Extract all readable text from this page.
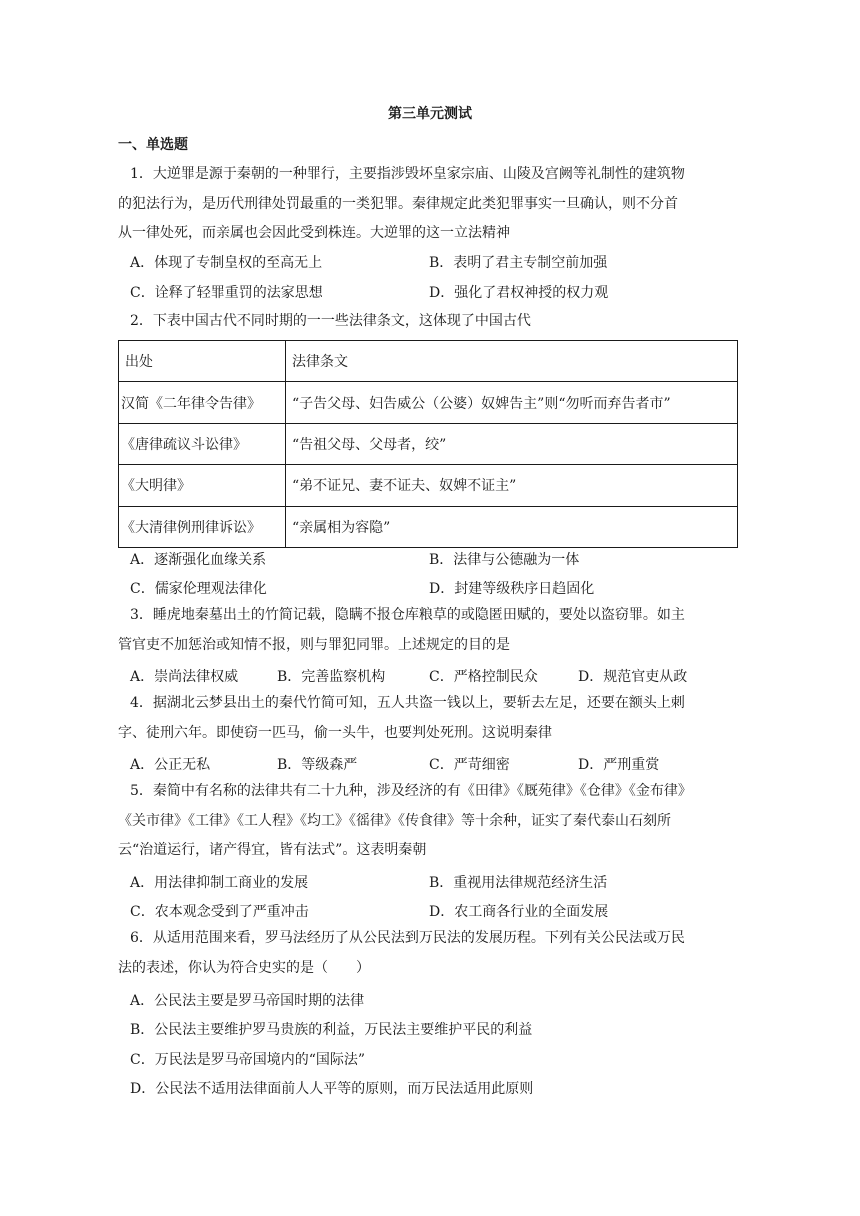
第三单元测试
一、单选题

1．大逆罪是源于秦朝的一种罪行，主要指涉毁坏皇家宗庙、山陵及宫阙等礼制性的建筑物

的犯法行为，是历代刑律处罚最重的一类犯罪。秦律规定此类犯罪事实一旦确认，则不分首

从一律处死，而亲属也会因此受到株连。大逆罪的这一立法精神

A．体现了专制皇权的至高无上	B．表明了君主专制空前加强
C．诠释了轻罪重罚的法家思想	D．强化了君权神授的权力观

2．下表中国古代不同时期的一一些法律条文，这体现了中国古代

出处	法律条文
汉简《二年律令告律》	“子告父母、妇告威公（公婆）奴婢告主”则“勿听而弃告者市”
《唐律疏议斗讼律》	“告祖父母、父母者，绞”
《大明律》	“弟不证兄、妻不证夫、奴婢不证主”
《大清律例刑律诉讼》	“亲属相为容隐”
A．逐渐强化血缘关系	B．法律与公德融为一体
C．儒家伦理观法律化	D．封建等级秩序日趋固化

3．睡虎地秦墓出土的竹简记载，隐瞒不报仓库粮草的或隐匿田赋的，要处以盗窃罪。如主

管官吏不加惩治或知情不报，则与罪犯同罪。上述规定的目的是

A．崇尚法律权威	B．完善监察机构	C．严格控制民众	D．规范官吏从政

4．据湖北云梦县出土的秦代竹简可知，五人共盗一钱以上，要斩去左足，还要在额头上刺

字、徒刑六年。即使窃一匹马，偷一头牛，也要判处死刑。这说明秦律

A．公正无私	B．等级森严	C．严苛细密	D．严刑重赏

5．秦简中有名称的法律共有二十九种，涉及经济的有《田律》《厩苑律》《仓律》《金布律》

《关市律》《工律》《工人程》《均工》《徭律》《传食律》等十余种，证实了秦代泰山石刻所

云“治道运行，诸产得宜，皆有法式”。这表明秦朝

A．用法律抑制工商业的发展	B．重视用法律规范经济生活
C．农本观念受到了严重冲击	D．农工商各行业的全面发展

6．从适用范围来看，罗马法经历了从公民法到万民法的发展历程。下列有关公民法或万民

法的表述，你认为符合史实的是（　　）

A．公民法主要是罗马帝国时期的法律
B．公民法主要维护罗马贵族的利益，万民法主要维护平民的利益
C．万民法是罗马帝国境内的“国际法”
D．公民法不适用法律面前人人平等的原则，而万民法适用此原则
